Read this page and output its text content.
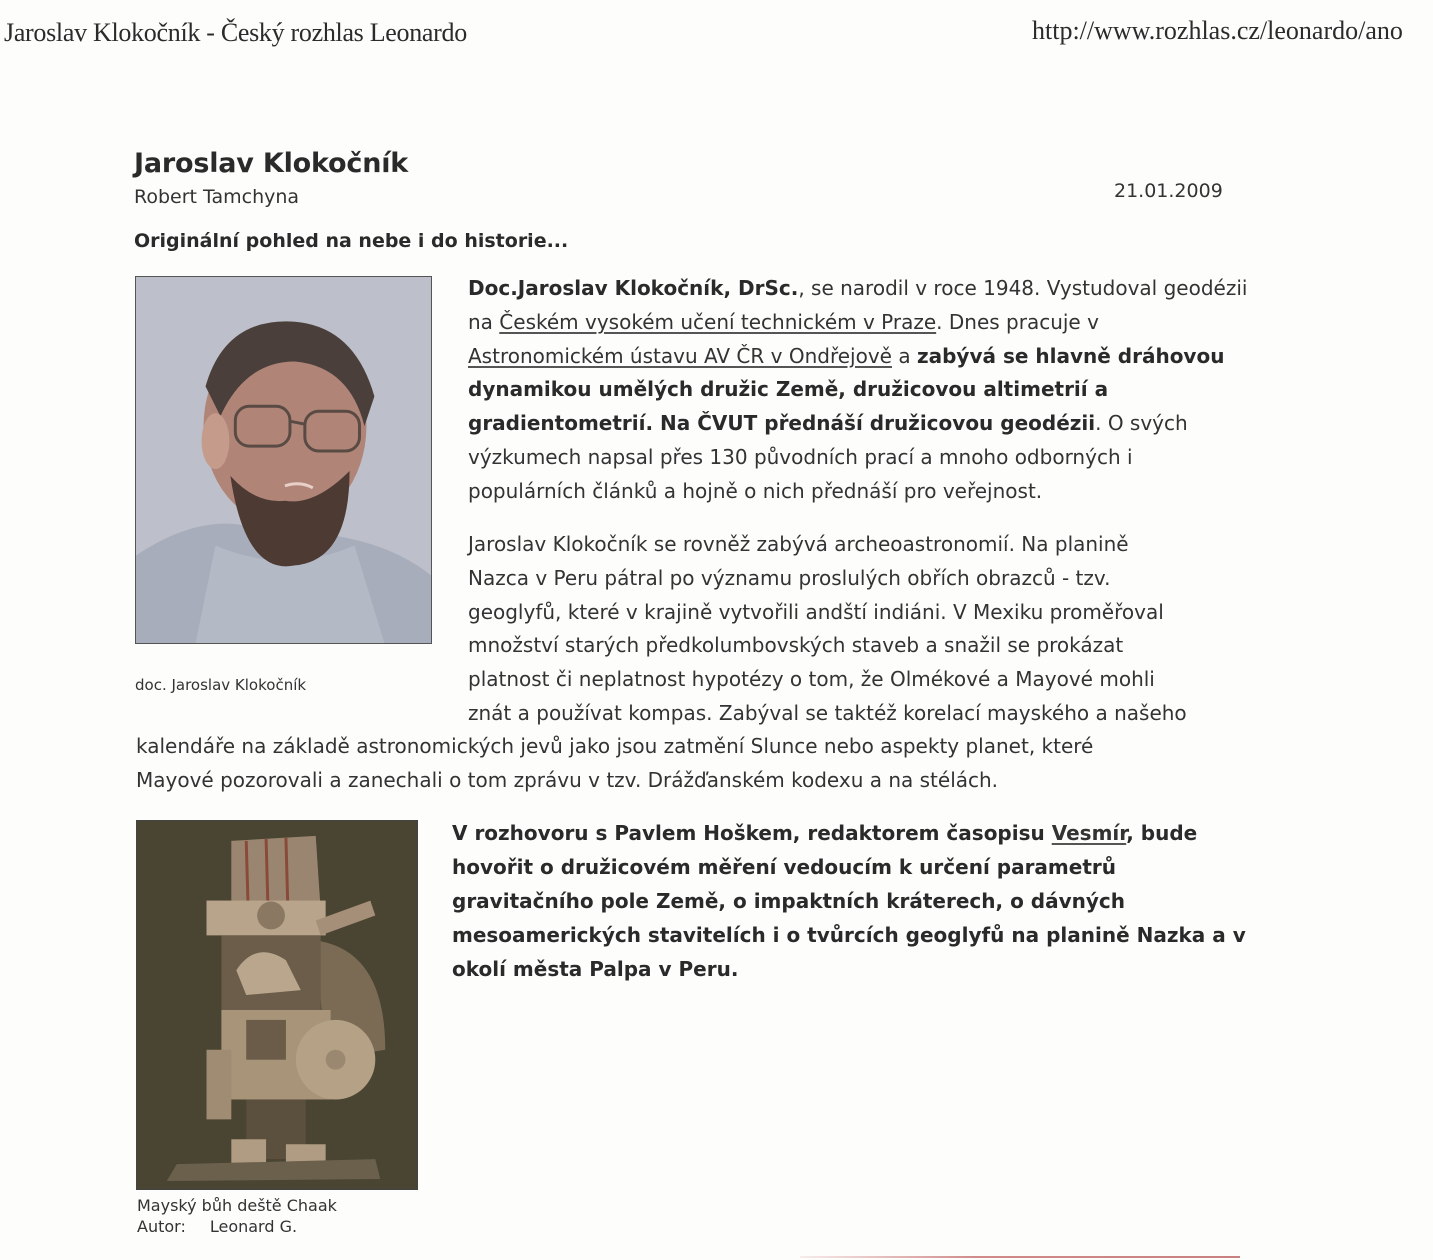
Jaroslav Klokočník - Český rozhlas Leonardo	http://www.rozhlas.cz/leonardo/ano
Jaroslav Klokočník
Robert Tamchyna	21.01.2009
Originální pohled na nebe i do historie...
doc. Jaroslav Klokočník
Doc.Jaroslav Klokočník, DrSc., se narodil v roce 1948. Vystudoval geodézii na Českém vysokém učení technickém v Praze. Dnes pracuje v Astronomickém ústavu AV ČR v Ondřejově a zabývá se hlavně dráhovou dynamikou umělých družic Země, družicovou altimetrií a gradientometrií. Na ČVUT přednáší družicovou geodézii. O svých výzkumech napsal přes 130 původních prací a mnoho odborných i populárních článků a hojně o nich přednáší pro veřejnost.
Jaroslav Klokočník se rovněž zabývá archeoastronomií. Na planině
Nazca v Peru pátral po významu proslulých obřích obrazců - tzv.
geoglyfů, které v krajině vytvořili andští indiáni. V Mexiku proměřoval
množství starých předkolumbovských staveb a snažil se prokázat
platnost či neplatnost hypotézy o tom, že Olmékové a Mayové mohli
znát a používat kompas. Zabýval se taktéž korelací mayského a našeho
kalendáře na základě astronomických jevů jako jsou zatmění Slunce nebo aspekty planet, které
Mayové pozorovali a zanechali o tom zprávu v tzv. Drážďanském kodexu a na stélách.
V rozhovoru s Pavlem Hoškem, redaktorem časopisu Vesmír, bude hovořit o družicovém měření vedoucím k určení parametrů gravitačního pole Země, o impaktních kráterech, o dávných mesoamerických stavitelích i o tvůrcích geoglyfů na planině Nazka a v okolí města Palpa v Peru.
Mayský bůh deště Chaak
Autor: Leonard G.
